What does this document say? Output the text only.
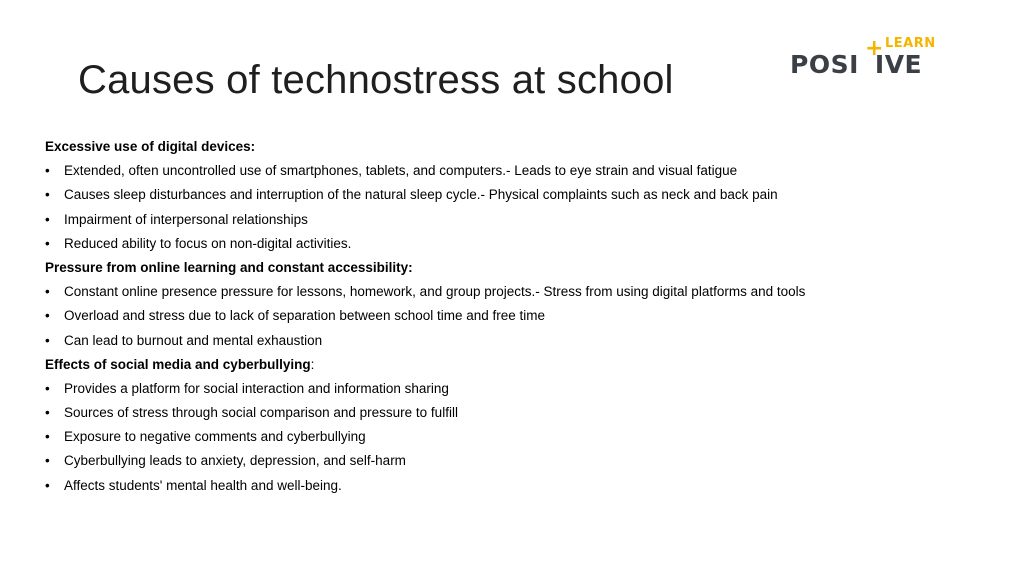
Causes of technostress at school
+ LEARN
POSI IVE
Excessive use of digital devices:
• Extended, often uncontrolled use of smartphones, tablets, and computers.- Leads to eye strain and visual fatigue
• Causes sleep disturbances and interruption of the natural sleep cycle.- Physical complaints such as neck and back pain
• Impairment of interpersonal relationships
• Reduced ability to focus on non-digital activities.
Pressure from online learning and constant accessibility:
• Constant online presence pressure for lessons, homework, and group projects.- Stress from using digital platforms and tools
• Overload and stress due to lack of separation between school time and free time
• Can lead to burnout and mental exhaustion
Effects of social media and cyberbullying:
• Provides a platform for social interaction and information sharing
• Sources of stress through social comparison and pressure to fulfill
• Exposure to negative comments and cyberbullying
• Cyberbullying leads to anxiety, depression, and self-harm
• Affects students' mental health and well-being.
